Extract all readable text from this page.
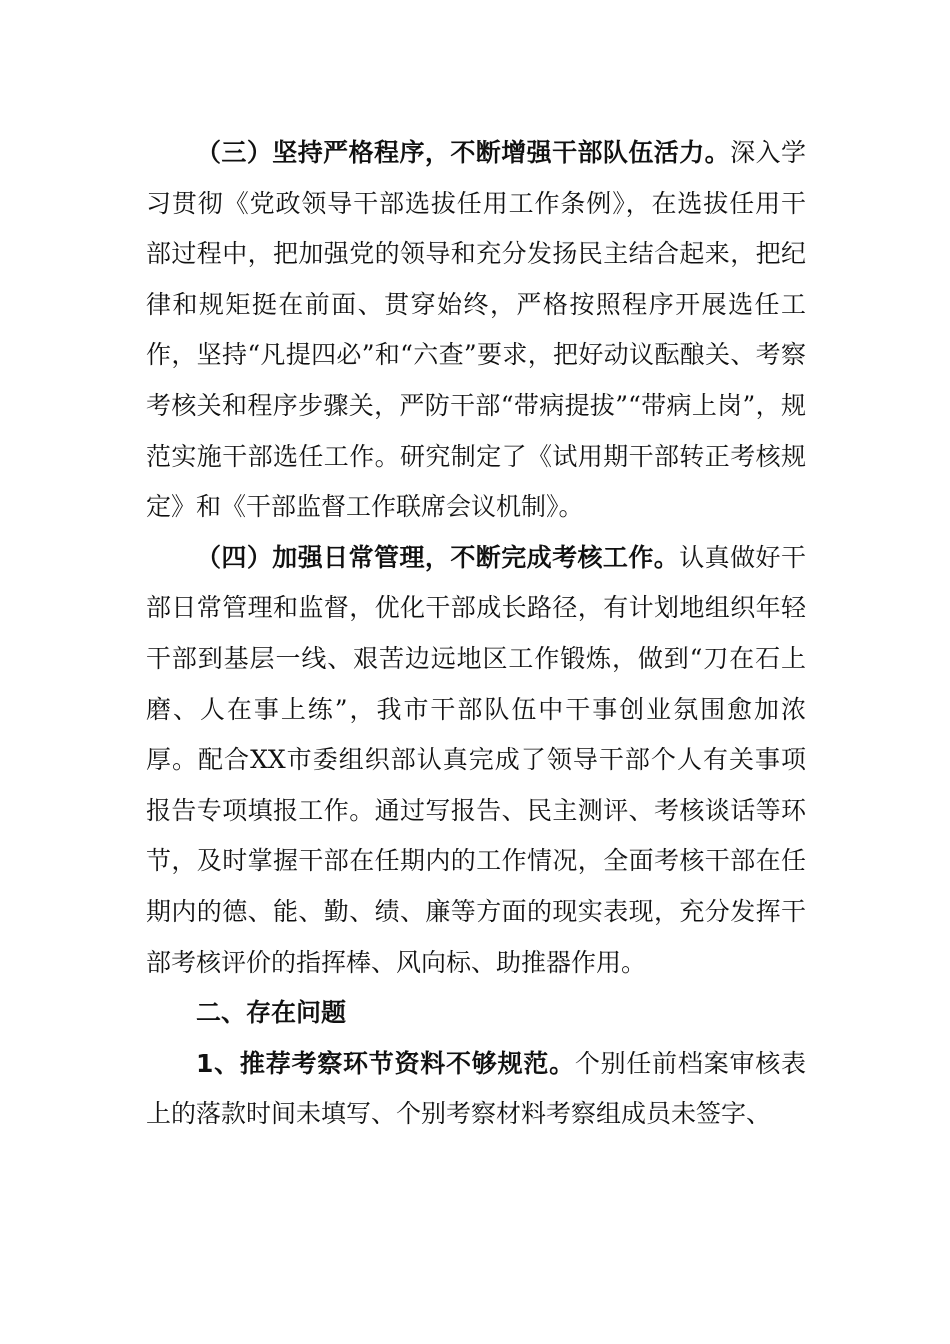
（三）坚持严格程序，不断增强干部队伍活力。深入学习贯彻《党政领导干部选拔任用工作条例》，在选拔任用干部过程中，把加强党的领导和充分发扬民主结合起来，把纪律和规矩挺在前面、贯穿始终，严格按照程序开展选任工作，坚持“凡提四必”和“六查”要求，把好动议酝酿关、考察考核关和程序步骤关，严防干部“带病提拔”“带病上岗”，规范实施干部选任工作。研究制定了《试用期干部转正考核规定》和《干部监督工作联席会议机制》。

（四）加强日常管理，不断完成考核工作。认真做好干部日常管理和监督，优化干部成长路径，有计划地组织年轻干部到基层一线、艰苦边远地区工作锻炼，做到“刀在石上磨、人在事上练”，我市干部队伍中干事创业氛围愈加浓厚。配合XX市委组织部认真完成了领导干部个人有关事项报告专项填报工作。通过写报告、民主测评、考核谈话等环节，及时掌握干部在任期内的工作情况，全面考核干部在任期内的德、能、勤、绩、廉等方面的现实表现，充分发挥干部考核评价的指挥棒、风向标、助推器作用。

二、存在问题

1、推荐考察环节资料不够规范。个别任前档案审核表上的落款时间未填写、个别考察材料考察组成员未签字、
